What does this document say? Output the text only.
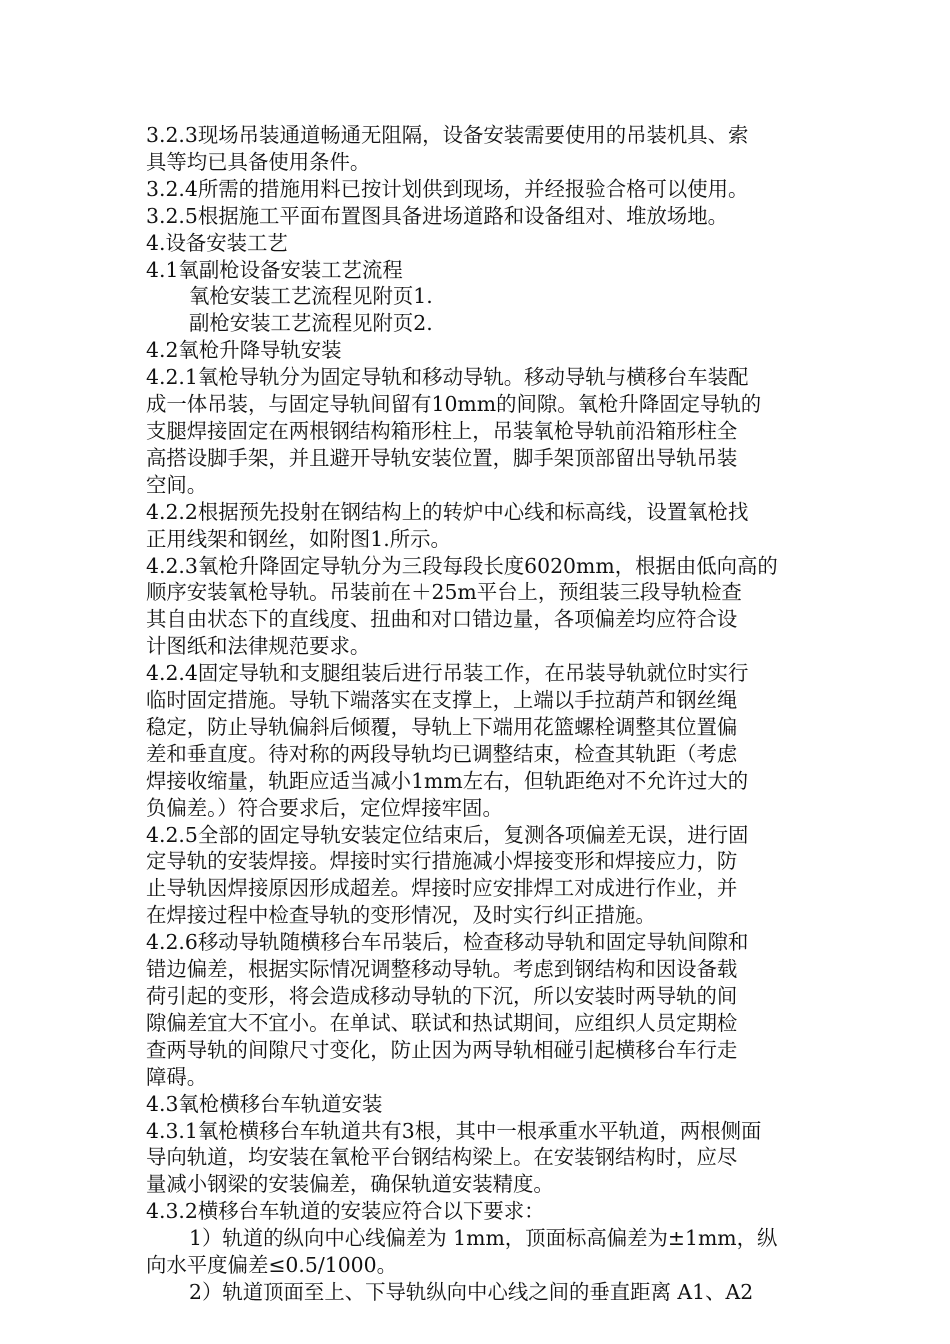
3.2.3现场吊装通道畅通无阻隔，设备安装需要使用的吊装机具、索

具等均已具备使用条件。

3.2.4所需的措施用料已按计划供到现场，并经报验合格可以使用。

3.2.5根据施工平面布置图具备进场道路和设备组对、堆放场地。

4.设备安装工艺

4.1氧副枪设备安装工艺流程

氧枪安装工艺流程见附页1.

副枪安装工艺流程见附页2.

4.2氧枪升降导轨安装

4.2.1氧枪导轨分为固定导轨和移动导轨。移动导轨与横移台车装配

成一体吊装，与固定导轨间留有10mm的间隙。氧枪升降固定导轨的

支腿焊接固定在两根钢结构箱形柱上，吊装氧枪导轨前沿箱形柱全

高搭设脚手架，并且避开导轨安装位置，脚手架顶部留出导轨吊装

空间。

4.2.2根据预先投射在钢结构上的转炉中心线和标高线，设置氧枪找

正用线架和钢丝，如附图1.所示。

4.2.3氧枪升降固定导轨分为三段每段长度6020mm，根据由低向高的

顺序安装氧枪导轨。吊装前在＋25m平台上，预组装三段导轨检查

其自由状态下的直线度、扭曲和对口错边量，各项偏差均应符合设

计图纸和法律规范要求。

4.2.4固定导轨和支腿组装后进行吊装工作，在吊装导轨就位时实行

临时固定措施。导轨下端落实在支撑上，上端以手拉葫芦和钢丝绳

稳定，防止导轨偏斜后倾覆，导轨上下端用花篮螺栓调整其位置偏

差和垂直度。待对称的两段导轨均已调整结束，检查其轨距（考虑

焊接收缩量，轨距应适当减小1mm左右，但轨距绝对不允许过大的

负偏差。）符合要求后，定位焊接牢固。

4.2.5全部的固定导轨安装定位结束后，复测各项偏差无误，进行固

定导轨的安装焊接。焊接时实行措施减小焊接变形和焊接应力，防

止导轨因焊接原因形成超差。焊接时应安排焊工对成进行作业，并

在焊接过程中检查导轨的变形情况，及时实行纠正措施。

4.2.6移动导轨随横移台车吊装后，检查移动导轨和固定导轨间隙和

错边偏差，根据实际情况调整移动导轨。考虑到钢结构和因设备载

荷引起的变形，将会造成移动导轨的下沉，所以安装时两导轨的间

隙偏差宜大不宜小。在单试、联试和热试期间，应组织人员定期检

查两导轨的间隙尺寸变化，防止因为两导轨相碰引起横移台车行走

障碍。

4.3氧枪横移台车轨道安装

4.3.1氧枪横移台车轨道共有3根，其中一根承重水平轨道，两根侧面

导向轨道，均安装在氧枪平台钢结构梁上。在安装钢结构时，应尽

量减小钢梁的安装偏差，确保轨道安装精度。

4.3.2横移台车轨道的安装应符合以下要求：

1）轨道的纵向中心线偏差为 1mm，顶面标高偏差为±1mm，纵

向水平度偏差≤0.5/1000。

2）轨道顶面至上、下导轨纵向中心线之间的垂直距离 A1、A2
